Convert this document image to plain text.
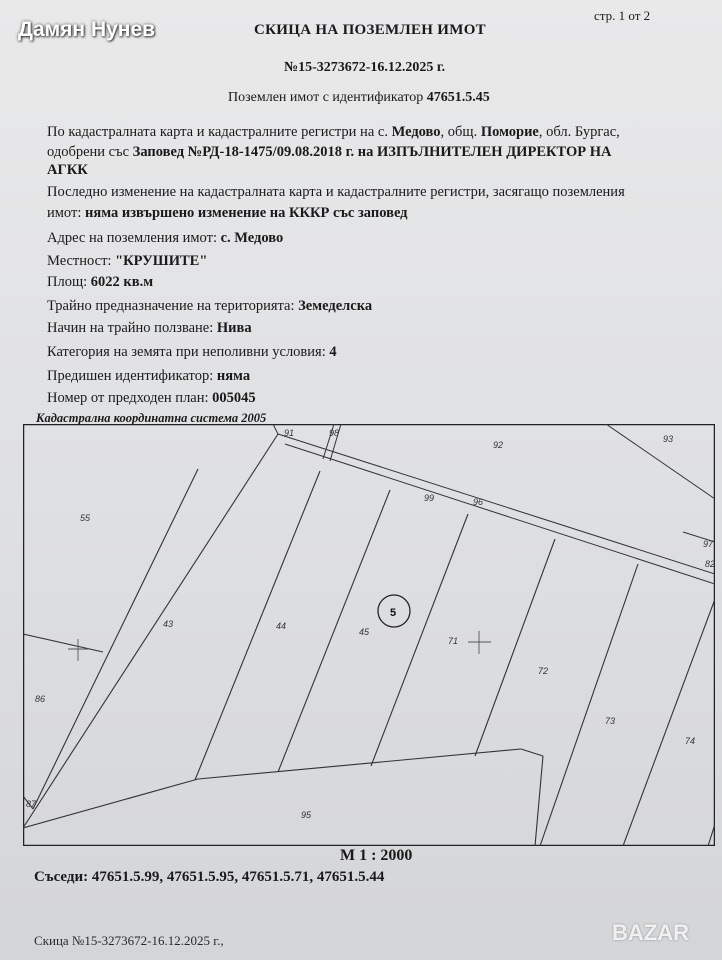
стр. 1 от 2
Дамян Нунев	СКИЦА НА ПОЗЕМЛЕН ИМОТ
№15-3273672-16.12.2025 г.
Поземлен имот с идентификатор 47651.5.45
По кадастралната карта и кадастралните регистри на с. Медово, общ. Поморие, обл. Бургас,
одобрени със Заповед №РД-18-1475/09.08.2018 г. на ИЗПЪЛНИТЕЛЕН ДИРЕКТОР НА
АГКК
Последно изменение на кадастралната карта и кадастралните регистри, засягащо поземления
имот: няма извършено изменение на КККР със заповед
Адрес на поземления имот: с. Медово
Местност: "КРУШИТЕ"
Площ: 6022 кв.м
Трайно предназначение на територията: Земеделска
Начин на трайно ползване: Нива
Категория на земята при неполивни условия: 4
Предишен идентификатор: няма
Номер от предходен план: 005045
Кадастрална координатна система 2005
5
91	98
92
93
99	96
97
82
55
43	44
45
71
72
73
74
86
87
95
М 1 : 2000
Съседи: 47651.5.99, 47651.5.95, 47651.5.71, 47651.5.44
Скица №15-3273672-16.12.2025 г.,	BAZAR
